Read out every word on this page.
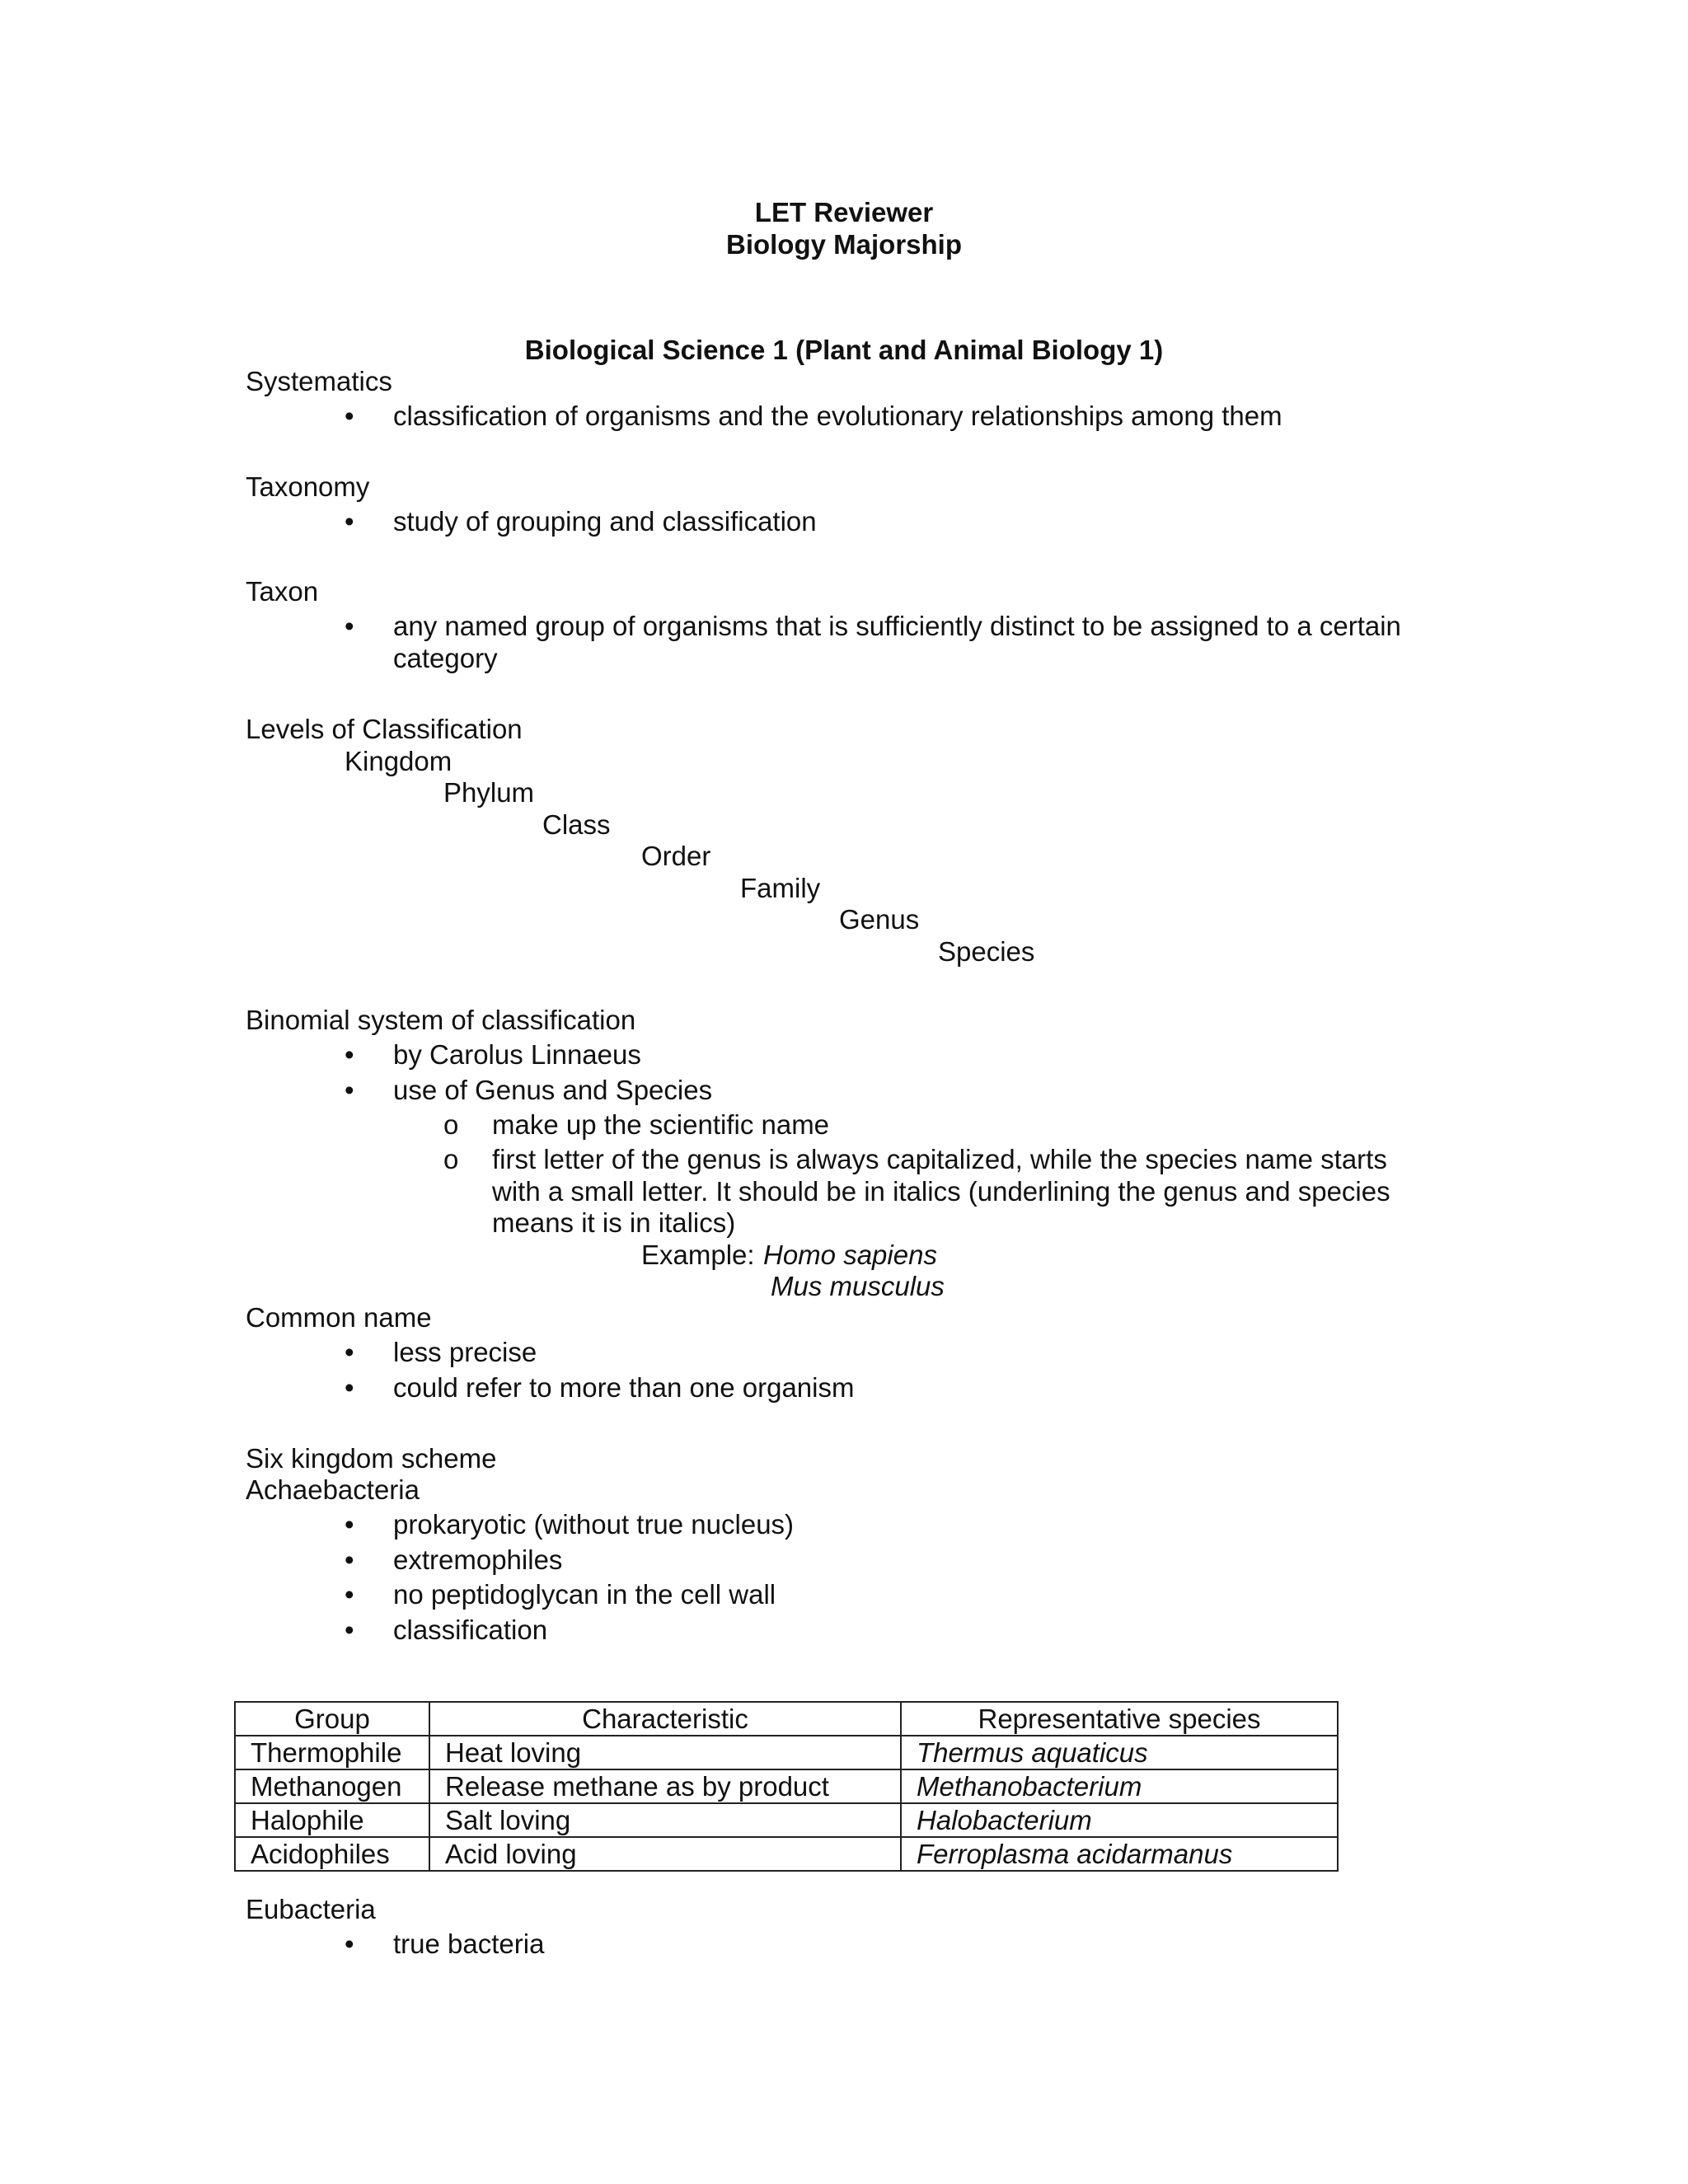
LET Reviewer
Biology Majorship
Biological Science 1 (Plant and Animal Biology 1)
Systematics
• classification of organisms and the evolutionary relationships among them
Taxonomy
• study of grouping and classification
Taxon
• any named group of organisms that is sufficiently distinct to be assigned to a certain
category
Levels of Classification
Kingdom
Phylum
Class
Order
Family
Genus
Species
Binomial system of classification
• by Carolus Linnaeus
• use of Genus and Species
o make up the scientific name
o first letter of the genus is always capitalized, while the species name starts
with a small letter. It should be in italics (underlining the genus and species
means it is in italics)
Example: Homo sapiens
Mus musculus
Common name
• less precise
• could refer to more than one organism
Six kingdom scheme
Achaebacteria
• prokaryotic (without true nucleus)
• extremophiles
• no peptidoglycan in the cell wall
• classification
Group	Characteristic	Representative species
Thermophile	Heat loving	Thermus aquaticus
Methanogen	Release methane as by product	Methanobacterium
Halophile	Salt loving	Halobacterium
Acidophiles	Acid loving	Ferroplasma acidarmanus
Eubacteria
• true bacteria
